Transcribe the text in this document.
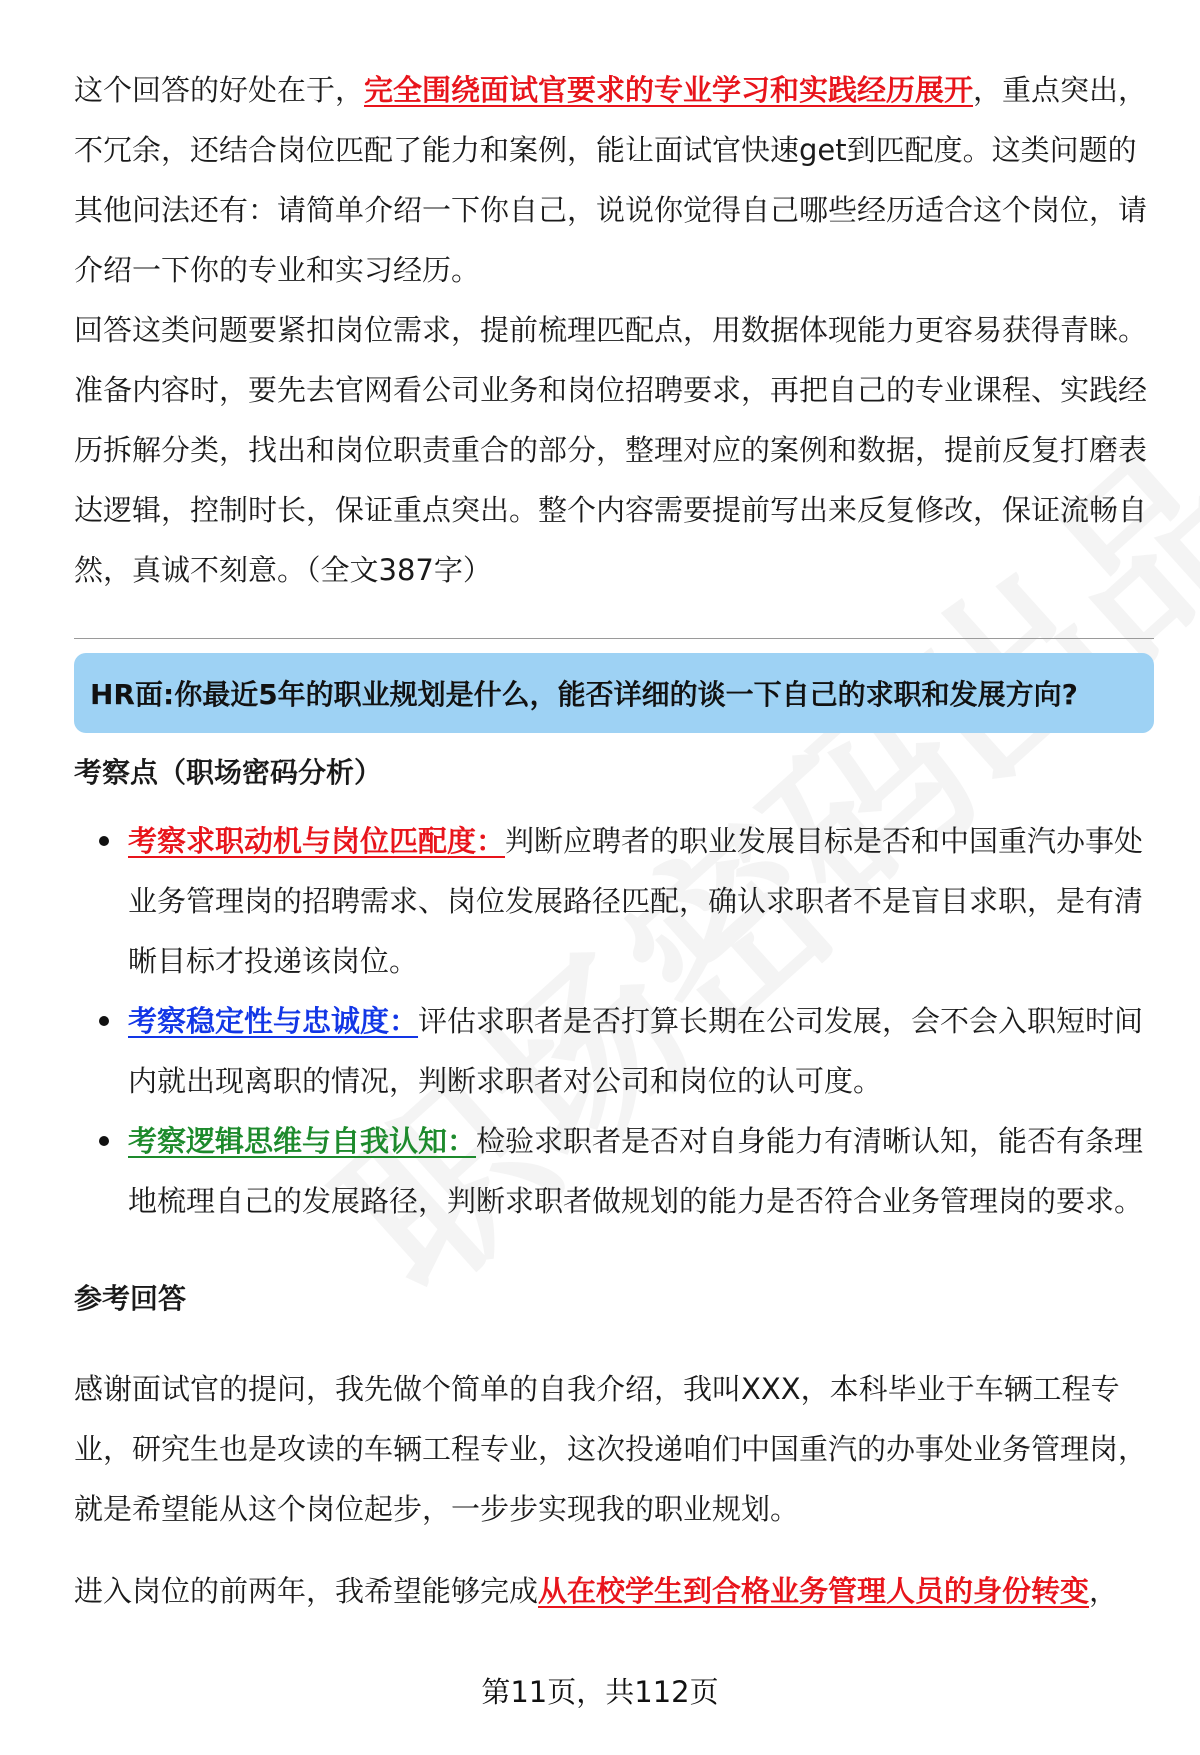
这个回答的好处在于，完全围绕面试官要求的专业学习和实践经历展开，重点突出，不冗余，还结合岗位匹配了能力和案例，能让面试官快速get到匹配度。这类问题的其他问法还有：请简单介绍一下你自己，说说你觉得自己哪些经历适合这个岗位，请介绍一下你的专业和实习经历。

回答这类问题要紧扣岗位需求，提前梳理匹配点，用数据体现能力更容易获得青睐。准备内容时，要先去官网看公司业务和岗位招聘要求，再把自己的专业课程、实践经历拆解分类，找出和岗位职责重合的部分，整理对应的案例和数据，提前反复打磨表达逻辑，控制时长，保证重点突出。整个内容需要提前写出来反复修改，保证流畅自然，真诚不刻意。（全文387字）

HR面:你最近5年的职业规划是什么，能否详细的谈一下自己的求职和发展方向?
考察点（职场密码分析）
考察求职动机与岗位匹配度：判断应聘者的职业发展目标是否和中国重汽办事处业务管理岗的招聘需求、岗位发展路径匹配，确认求职者不是盲目求职，是有清晰目标才投递该岗位。
考察稳定性与忠诚度：评估求职者是否打算长期在公司发展，会不会入职短时间内就出现离职的情况，判断求职者对公司和岗位的认可度。
考察逻辑思维与自我认知：检验求职者是否对自身能力有清晰认知，能否有条理地梳理自己的发展路径，判断求职者做规划的能力是否符合业务管理岗的要求。
参考回答

感谢面试官的提问，我先做个简单的自我介绍，我叫XXX，本科毕业于车辆工程专业，研究生也是攻读的车辆工程专业，这次投递咱们中国重汽的办事处业务管理岗，就是希望能从这个岗位起步，一步步实现我的职业规划。

进入岗位的前两年，我希望能够完成从在校学生到合格业务管理人员的身份转变，

第11页，共112页
